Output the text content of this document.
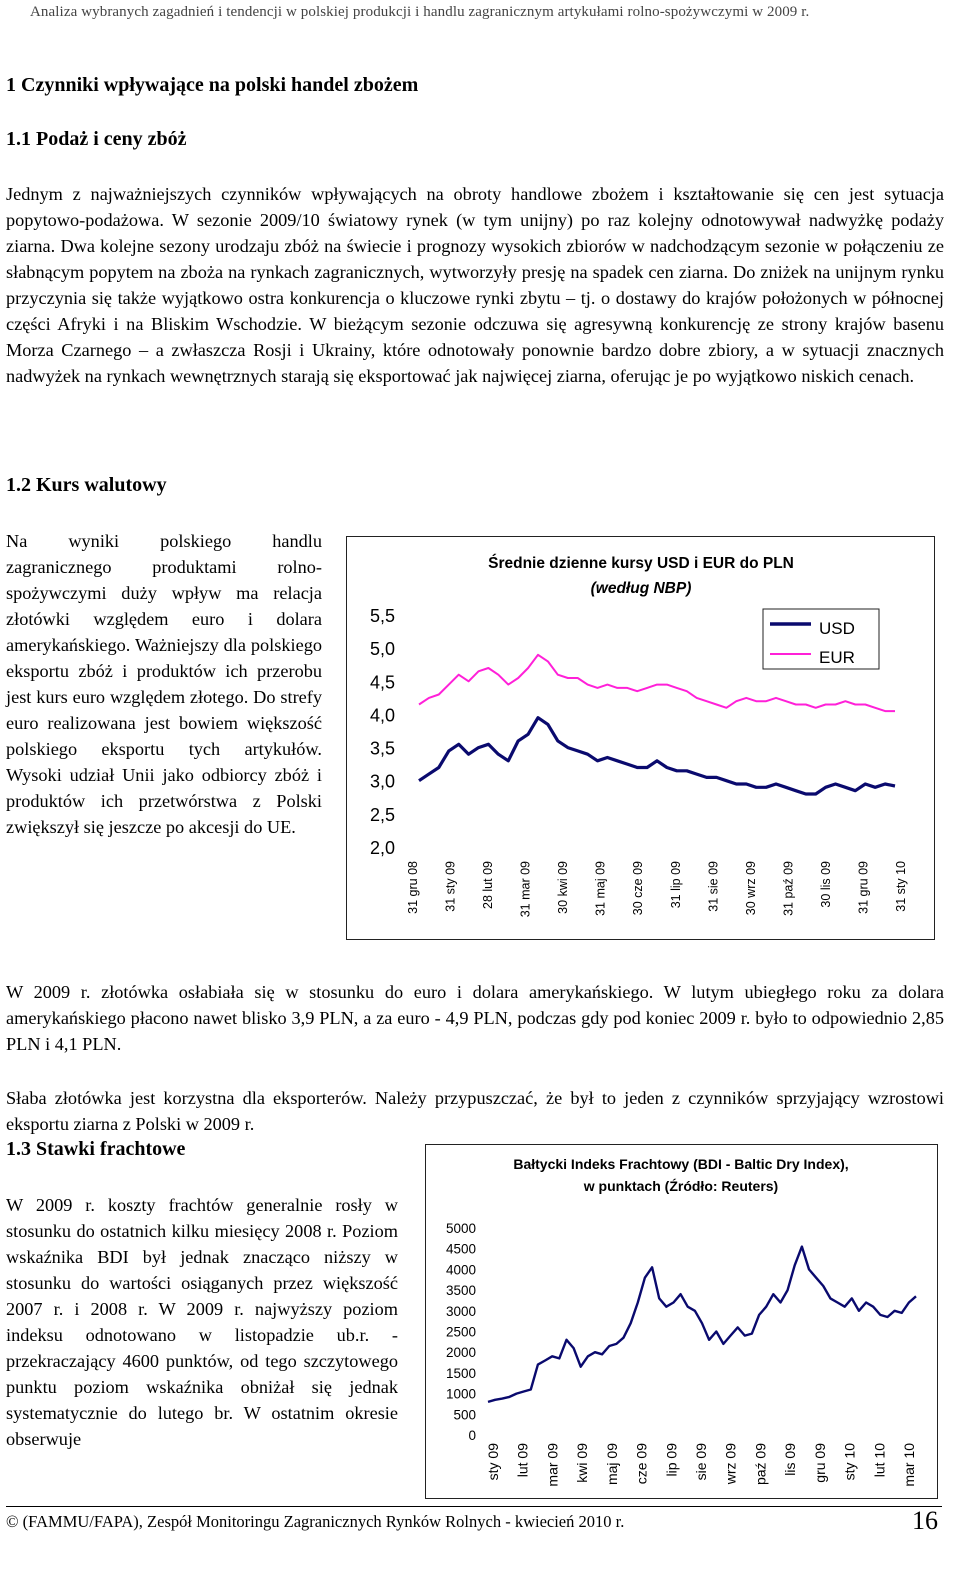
Analiza wybranych zagadnień i tendencji w polskiej produkcji i handlu zagranicznym artykułami rolno-spożywczymi w 2009 r.
1 Czynniki wpływające na polski handel zbożem
1.1 Podaż i ceny zbóż
Jednym z najważniejszych czynników wpływających na obroty handlowe zbożem i kształtowanie się cen jest sytuacja popytowo-podażowa. W sezonie 2009/10 światowy rynek (w tym unijny) po raz kolejny odnotowywał nadwyżkę podaży ziarna. Dwa kolejne sezony urodzaju zbóż na świecie i prognozy wysokich zbiorów w nadchodzącym sezonie w połączeniu ze słabnącym popytem na zboża na rynkach zagranicznych, wytworzyły presję na spadek cen ziarna. Do zniżek na unijnym rynku przyczynia się także wyjątkowo ostra konkurencja o kluczowe rynki zbytu – tj. o dostawy do krajów położonych w północnej części Afryki i na Bliskim Wschodzie. W bieżącym sezonie odczuwa się agresywną konkurencję ze strony krajów basenu Morza Czarnego – a zwłaszcza Rosji i Ukrainy, które odnotowały ponownie bardzo dobre zbiory, a w sytuacji znacznych nadwyżek na rynkach wewnętrznych starają się eksportować jak najwięcej ziarna, oferując je po wyjątkowo niskich cenach.
1.2 Kurs walutowy
Na wyniki polskiego handlu zagranicznego produktami rolno-spożywczymi duży wpływ ma relacja złotówki względem euro i dolara amerykańskiego. Ważniejszy dla polskiego eksportu zbóż i produktów ich przerobu jest kurs euro względem złotego. Do strefy euro realizowana jest bowiem większość polskiego eksportu tych artykułów. Wysoki udział Unii jako odbiorcy zbóż i produktów ich przetwórstwa z Polski zwiększył się jeszcze po akcesji do UE.
Średnie dzienne kursy USD i EUR do PLN
(według NBP)
5,5
5,0
4,5
4,0
3,5
3,0
2,5
2,0
31 gru 08 31 sty 09 28 lut 09 31 mar 09 30 kwi 09 31 maj 09 30 cze 09 31 lip 09 31 sie 09 30 wrz 09 31 paź 09 30 lis 09 31 gru 09 31 sty 10
USD
EUR
W 2009 r. złotówka osłabiała się w stosunku do euro i dolara amerykańskiego. W lutym ubiegłego roku za dolara amerykańskiego płacono nawet blisko 3,9 PLN, a za euro - 4,9 PLN, podczas gdy pod koniec 2009 r. było to odpowiednio 2,85 PLN i 4,1 PLN.
Słaba złotówka jest korzystna dla eksporterów. Należy przypuszczać, że był to jeden z czynników sprzyjający wzrostowi eksportu ziarna z Polski w 2009 r.
1.3 Stawki frachtowe
W 2009 r. koszty frachtów generalnie rosły w stosunku do ostatnich kilku miesięcy 2008 r. Poziom wskaźnika BDI był jednak znacząco niższy w stosunku do wartości osiąganych przez większość 2007 r. i 2008 r. W 2009 r. najwyższy poziom indeksu odnotowano w listopadzie ub.r. - przekraczający 4600 punktów, od tego szczytowego punktu poziom wskaźnika obniżał się jednak systematycznie do lutego br. W ostatnim okresie obserwuje
Bałtycki Indeks Frachtowy (BDI - Baltic Dry Index),
w punktach (Źródło: Reuters)
5000
4500
4000
3500
3000
2500
2000
1500
1000
500
0
sty 09 lut 09 mar 09 kwi 09 maj 09 cze 09 lip 09 sie 09 wrz 09 paź 09 lis 09 gru 09 sty 10 lut 10 mar 10
© (FAMMU/FAPA), Zespół Monitoringu Zagranicznych Rynków Rolnych - kwiecień 2010 r.	16
